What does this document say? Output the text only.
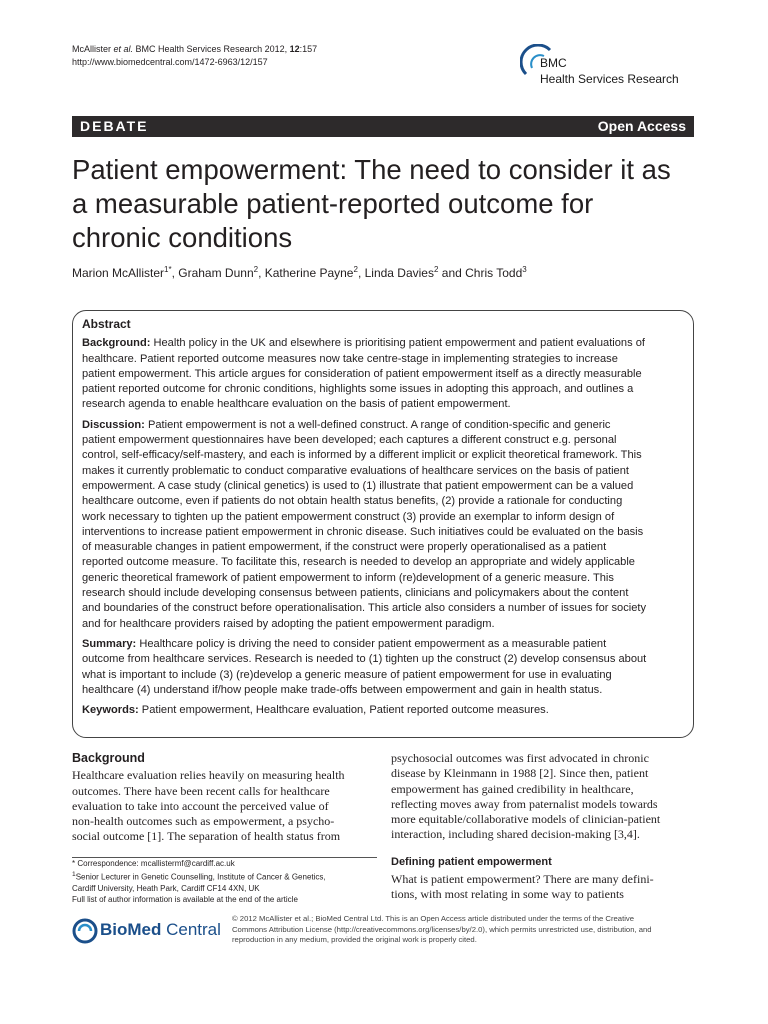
McAllister et al. BMC Health Services Research 2012, 12:157
http://www.biomedcentral.com/1472-6963/12/157	BMC
Health Services Research
DEBATE	Open Access
Patient empowerment: The need to consider it as
a measurable patient-reported outcome for
chronic conditions
Marion McAllister$^{1*}$, Graham Dunn$^2$, Katherine Payne$^2$, Linda Davies$^2$ and Chris Todd$^3$
Abstract

Background: Health policy in the UK and elsewhere is prioritising patient empowerment and patient evaluations of
healthcare. Patient reported outcome measures now take centre-stage in implementing strategies to increase
patient empowerment. This article argues for consideration of patient empowerment itself as a directly measurable
patient reported outcome for chronic conditions, highlights some issues in adopting this approach, and outlines a
research agenda to enable healthcare evaluation on the basis of patient empowerment.

Discussion: Patient empowerment is not a well-defined construct. A range of condition-specific and generic
patient empowerment questionnaires have been developed; each captures a different construct e.g. personal
control, self-efficacy/self-mastery, and each is informed by a different implicit or explicit theoretical framework. This
makes it currently problematic to conduct comparative evaluations of healthcare services on the basis of patient
empowerment. A case study (clinical genetics) is used to (1) illustrate that patient empowerment can be a valued
healthcare outcome, even if patients do not obtain health status benefits, (2) provide a rationale for conducting
work necessary to tighten up the patient empowerment construct (3) provide an exemplar to inform design of
interventions to increase patient empowerment in chronic disease. Such initiatives could be evaluated on the basis
of measurable changes in patient empowerment, if the construct were properly operationalised as a patient
reported outcome measure. To facilitate this, research is needed to develop an appropriate and widely applicable
generic theoretical framework of patient empowerment to inform (re)development of a generic measure. This
research should include developing consensus between patients, clinicians and policymakers about the content
and boundaries of the construct before operationalisation. This article also considers a number of issues for society
and for healthcare providers raised by adopting the patient empowerment paradigm.

Summary: Healthcare policy is driving the need to consider patient empowerment as a measurable patient
outcome from healthcare services. Research is needed to (1) tighten up the construct (2) develop consensus about
what is important to include (3) (re)develop a generic measure of patient empowerment for use in evaluating
healthcare (4) understand if/how people make trade-offs between empowerment and gain in health status.

Keywords: Patient empowerment, Healthcare evaluation, Patient reported outcome measures.

Background
Healthcare evaluation relies heavily on measuring health
outcomes. There have been recent calls for healthcare
evaluation to take into account the perceived value of
non-health outcomes such as empowerment, a psycho-
social outcome [1]. The separation of health status from
psychosocial outcomes was first advocated in chronic
disease by Kleinmann in 1988 [2]. Since then, patient
empowerment has gained credibility in healthcare,
reflecting moves away from paternalist models towards
more equitable/collaborative models of clinician-patient
interaction, including shared decision-making [3,4].
Defining patient empowerment
What is patient empowerment? There are many defini-
tions, with most relating in some way to patients
* Correspondence: mcallistermf@cardiff.ac.uk
$^1$Senior Lecturer in Genetic Counselling, Institute of Cancer & Genetics,
Cardiff University, Heath Park, Cardiff CF14 4XN, UK
Full list of author information is available at the end of the article
BioMed Central
© 2012 McAllister et al.; BioMed Central Ltd. This is an Open Access article distributed under the terms of the Creative
Commons Attribution License (http://creativecommons.org/licenses/by/2.0), which permits unrestricted use, distribution, and
reproduction in any medium, provided the original work is properly cited.
